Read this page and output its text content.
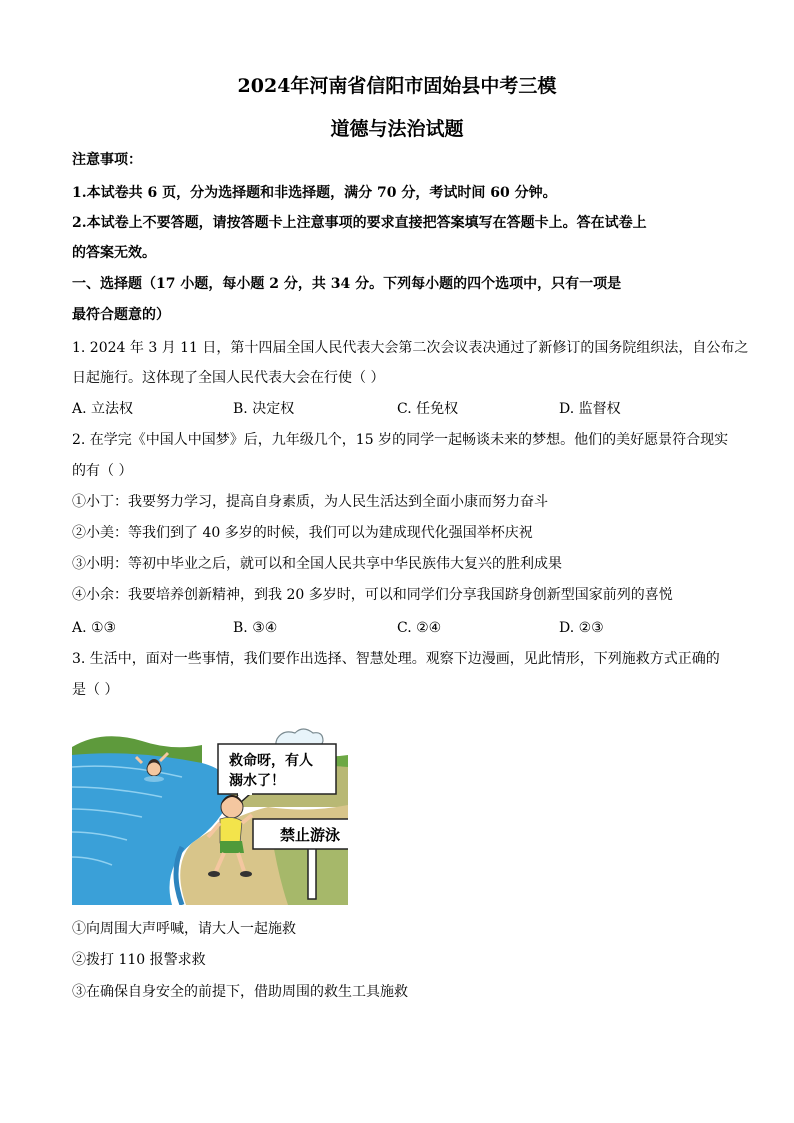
2024年河南省信阳市固始县中考三模
道德与法治试题
注意事项：
1.本试卷共 6 页，分为选择题和非选择题，满分 70 分，考试时间 60 分钟。
2.本试卷上不要答题，请按答题卡上注意事项的要求直接把答案填写在答题卡上。答在试卷上
的答案无效。
一、选择题（17 小题，每小题 2 分，共 34 分。下列每小题的四个选项中，只有一项是
最符合题意的）
1. 2024 年 3 月 11 日，第十四届全国人民代表大会第二次会议表决通过了新修订的国务院组织法，自公布之
日起施行。这体现了全国人民代表大会在行使（ ）
A. 立法权	B. 决定权	C. 任免权	D. 监督权
2. 在学完《中国人中国梦》后，九年级几个，15 岁的同学一起畅谈未来的梦想。他们的美好愿景符合现实
的有（ ）
①小丁：我要努力学习，提高自身素质，为人民生活达到全面小康而努力奋斗
②小美：等我们到了 40 多岁的时候，我们可以为建成现代化强国举杯庆祝
③小明：等初中毕业之后，就可以和全国人民共享中华民族伟大复兴的胜利成果
④小余：我要培养创新精神，到我 20 多岁时，可以和同学们分享我国跻身创新型国家前列的喜悦
A. ①③	B. ③④	C. ②④	D. ②③
3. 生活中，面对一些事情，我们要作出选择、智慧处理。观察下边漫画，见此情形，下列施救方式正确的
是（ ）
救命呀，有人
溺水了！
禁止游泳
①向周围大声呼喊，请大人一起施救
②拨打 110 报警求救
③在确保自身安全的前提下，借助周围的救生工具施救
